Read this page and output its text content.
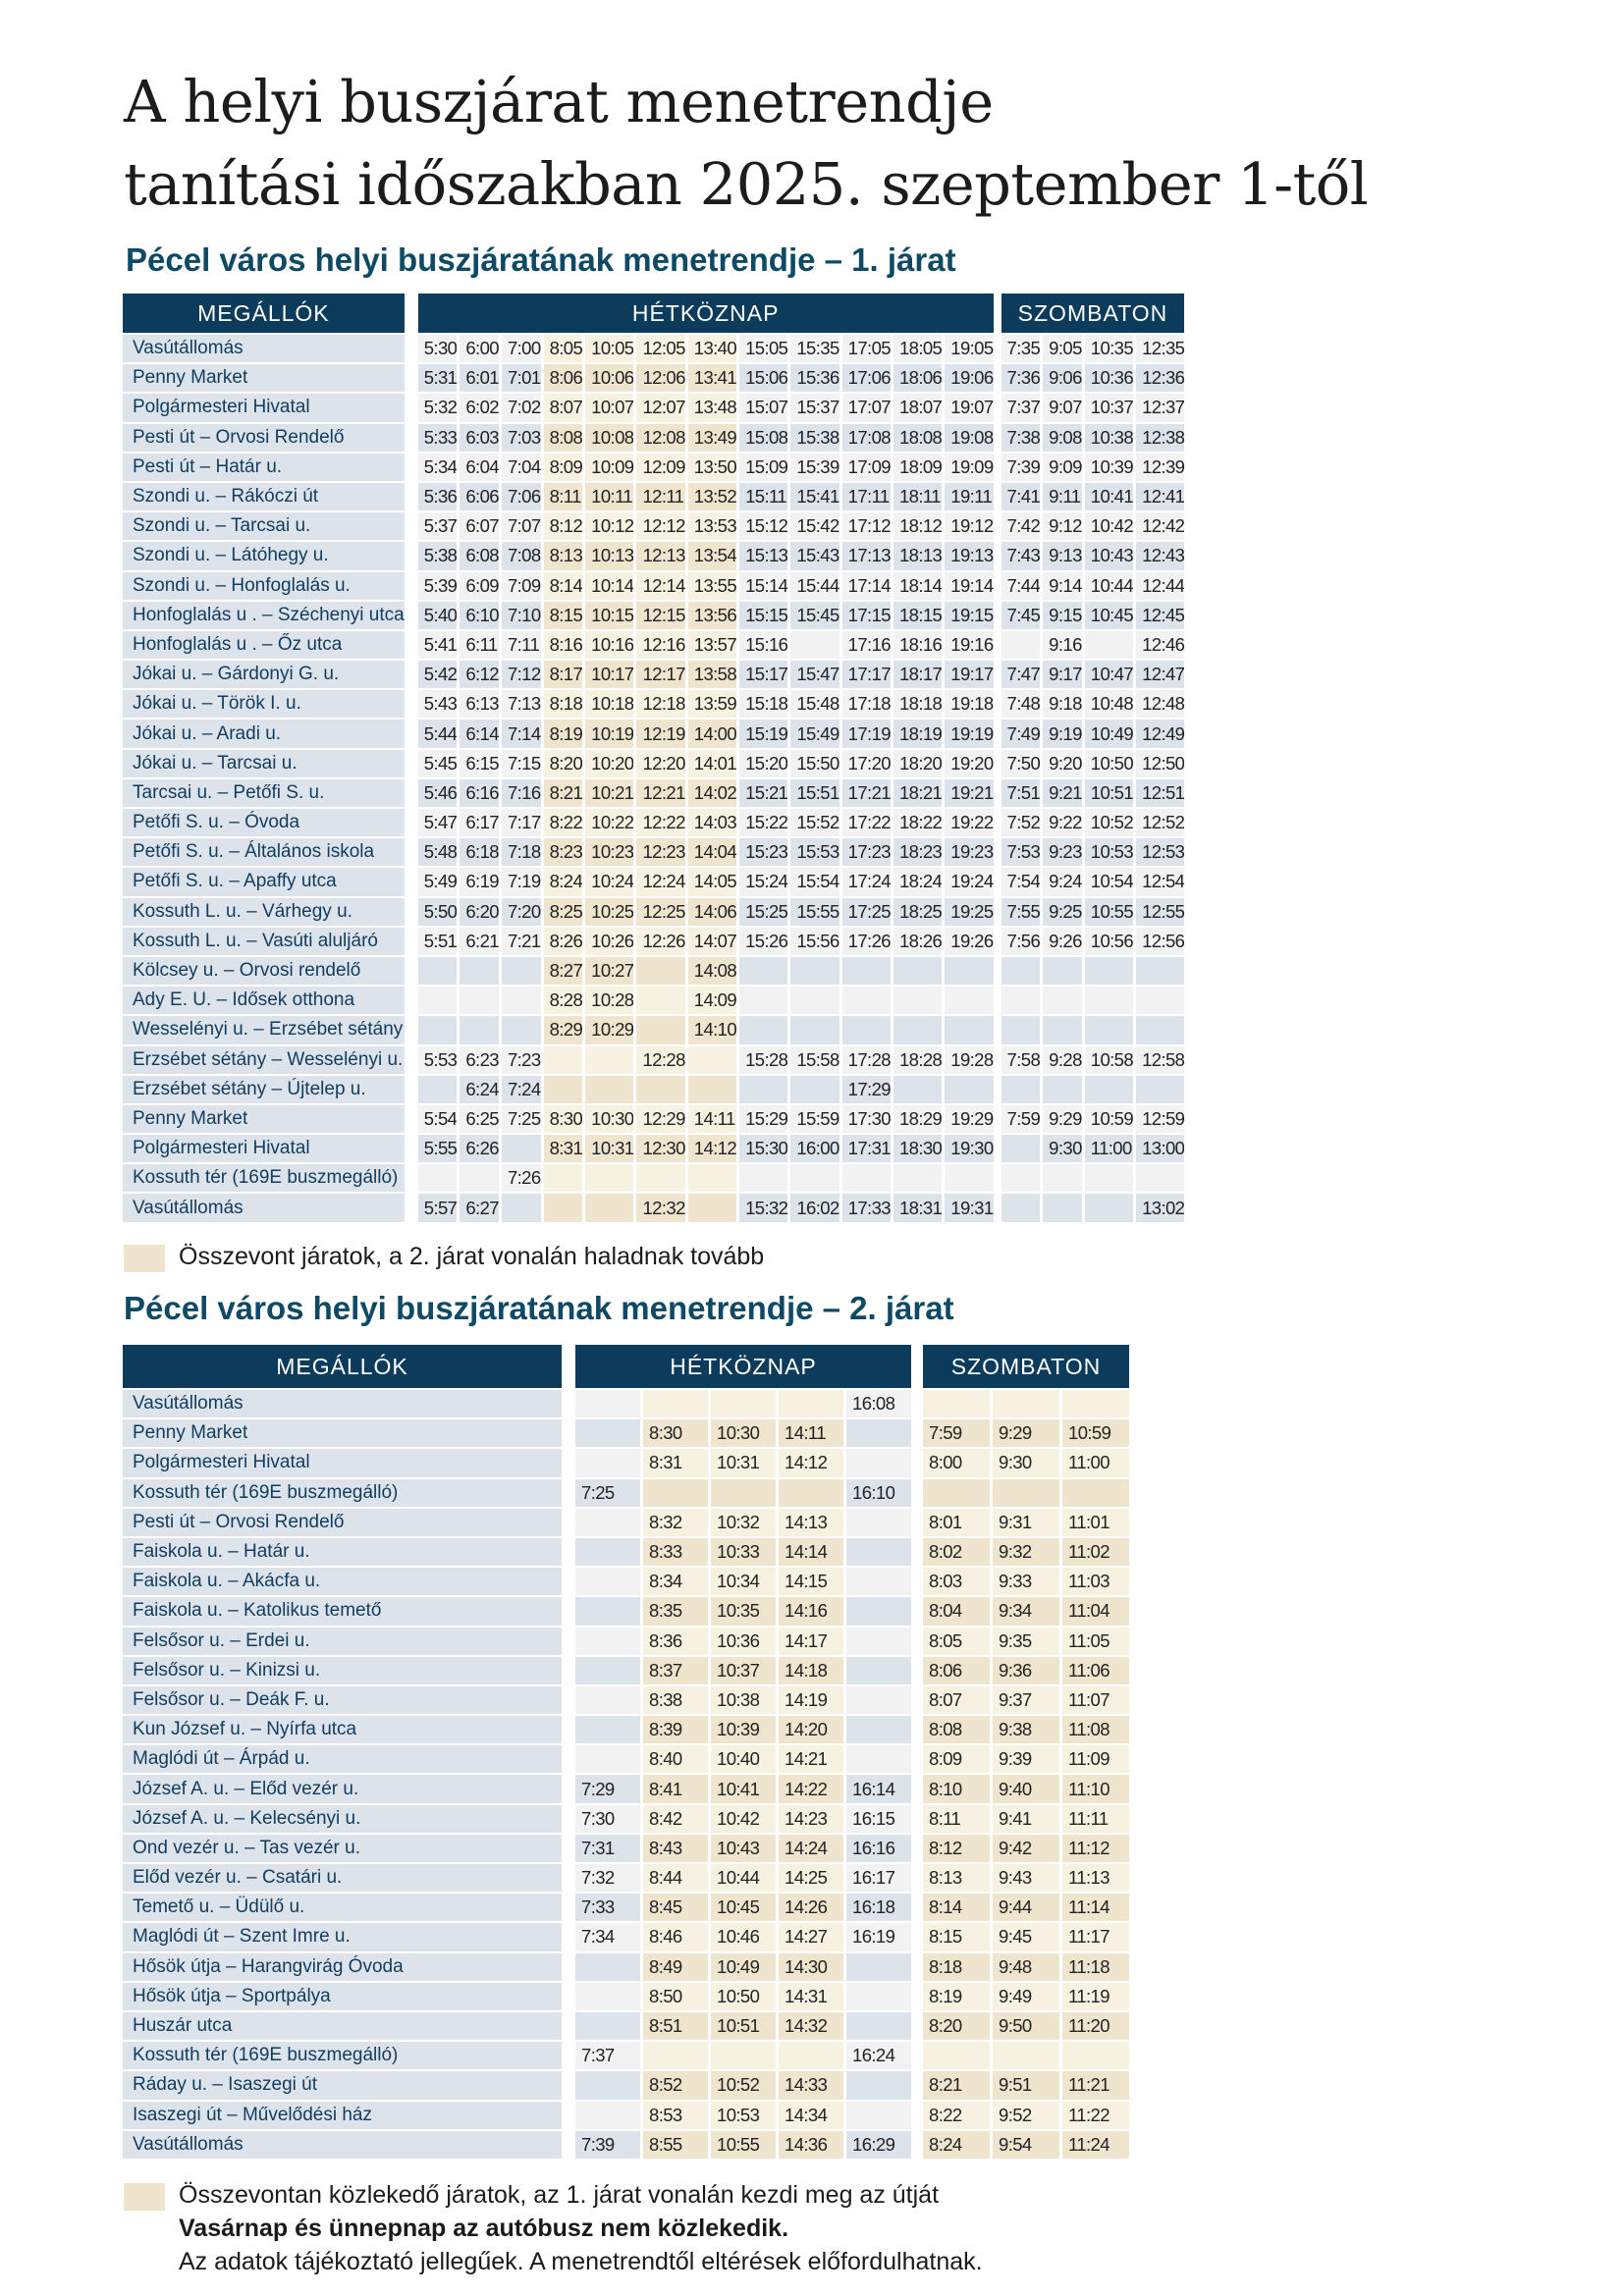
A helyi buszjárat menetrendje
tanítási időszakban 2025. szeptember 1-től
Pécel város helyi buszjáratának menetrendje – 1. járat
MEGÁLLÓK		HÉTKÖZNAP													SZOMBATON			
Vasútállomás		5:30	6:00	7:00	8:05	10:05	12:05	13:40	15:05	15:35	17:05	18:05	19:05		7:35	9:05	10:35	12:35
Penny Market		5:31	6:01	7:01	8:06	10:06	12:06	13:41	15:06	15:36	17:06	18:06	19:06		7:36	9:06	10:36	12:36
Polgármesteri Hivatal		5:32	6:02	7:02	8:07	10:07	12:07	13:48	15:07	15:37	17:07	18:07	19:07		7:37	9:07	10:37	12:37
Pesti út – Orvosi Rendelő		5:33	6:03	7:03	8:08	10:08	12:08	13:49	15:08	15:38	17:08	18:08	19:08		7:38	9:08	10:38	12:38
Pesti út – Határ u.		5:34	6:04	7:04	8:09	10:09	12:09	13:50	15:09	15:39	17:09	18:09	19:09		7:39	9:09	10:39	12:39
Szondi u. – Rákóczi út		5:36	6:06	7:06	8:11	10:11	12:11	13:52	15:11	15:41	17:11	18:11	19:11		7:41	9:11	10:41	12:41
Szondi u. – Tarcsai u.		5:37	6:07	7:07	8:12	10:12	12:12	13:53	15:12	15:42	17:12	18:12	19:12		7:42	9:12	10:42	12:42
Szondi u. – Látóhegy u.		5:38	6:08	7:08	8:13	10:13	12:13	13:54	15:13	15:43	17:13	18:13	19:13		7:43	9:13	10:43	12:43
Szondi u. – Honfoglalás u.		5:39	6:09	7:09	8:14	10:14	12:14	13:55	15:14	15:44	17:14	18:14	19:14		7:44	9:14	10:44	12:44
Honfoglalás u . – Széchenyi utca		5:40	6:10	7:10	8:15	10:15	12:15	13:56	15:15	15:45	17:15	18:15	19:15		7:45	9:15	10:45	12:45
Honfoglalás u . – Őz utca		5:41	6:11	7:11	8:16	10:16	12:16	13:57	15:16		17:16	18:16	19:16			9:16		12:46
Jókai u. – Gárdonyi G. u.		5:42	6:12	7:12	8:17	10:17	12:17	13:58	15:17	15:47	17:17	18:17	19:17		7:47	9:17	10:47	12:47
Jókai u. – Török I. u.		5:43	6:13	7:13	8:18	10:18	12:18	13:59	15:18	15:48	17:18	18:18	19:18		7:48	9:18	10:48	12:48
Jókai u. – Aradi u.		5:44	6:14	7:14	8:19	10:19	12:19	14:00	15:19	15:49	17:19	18:19	19:19		7:49	9:19	10:49	12:49
Jókai u. – Tarcsai u.		5:45	6:15	7:15	8:20	10:20	12:20	14:01	15:20	15:50	17:20	18:20	19:20		7:50	9:20	10:50	12:50
Tarcsai u. – Petőfi S. u.		5:46	6:16	7:16	8:21	10:21	12:21	14:02	15:21	15:51	17:21	18:21	19:21		7:51	9:21	10:51	12:51
Petőfi S. u. – Óvoda		5:47	6:17	7:17	8:22	10:22	12:22	14:03	15:22	15:52	17:22	18:22	19:22		7:52	9:22	10:52	12:52
Petőfi S. u. – Általános iskola		5:48	6:18	7:18	8:23	10:23	12:23	14:04	15:23	15:53	17:23	18:23	19:23		7:53	9:23	10:53	12:53
Petőfi S. u. – Apaffy utca		5:49	6:19	7:19	8:24	10:24	12:24	14:05	15:24	15:54	17:24	18:24	19:24		7:54	9:24	10:54	12:54
Kossuth L. u. – Várhegy u.		5:50	6:20	7:20	8:25	10:25	12:25	14:06	15:25	15:55	17:25	18:25	19:25		7:55	9:25	10:55	12:55
Kossuth L. u. – Vasúti aluljáró		5:51	6:21	7:21	8:26	10:26	12:26	14:07	15:26	15:56	17:26	18:26	19:26		7:56	9:26	10:56	12:56
Kölcsey u. – Orvosi rendelő					8:27	10:27		14:08										
Ady E. U. – Idősek otthona					8:28	10:28		14:09										
Wesselényi u. – Erzsébet sétány					8:29	10:29		14:10										
Erzsébet sétány – Wesselényi u.		5:53	6:23	7:23			12:28		15:28	15:58	17:28	18:28	19:28		7:58	9:28	10:58	12:58
Erzsébet sétány – Újtelep u.			6:24	7:24							17:29							
Penny Market		5:54	6:25	7:25	8:30	10:30	12:29	14:11	15:29	15:59	17:30	18:29	19:29		7:59	9:29	10:59	12:59
Polgármesteri Hivatal		5:55	6:26		8:31	10:31	12:30	14:12	15:30	16:00	17:31	18:30	19:30			9:30	11:00	13:00
Kossuth tér (169E buszmegálló)				7:26														
Vasútállomás		5:57	6:27				12:32		15:32	16:02	17:33	18:31	19:31					13:02
Összevont járatok, a 2. járat vonalán haladnak tovább
Pécel város helyi buszjáratának menetrendje – 2. járat
MEGÁLLÓK		HÉTKÖZNAP						SZOMBATON		
Vasútállomás						16:08				
Penny Market			8:30	10:30	14:11			7:59	9:29	10:59
Polgármesteri Hivatal			8:31	10:31	14:12			8:00	9:30	11:00
Kossuth tér (169E buszmegálló)		7:25				16:10				
Pesti út – Orvosi Rendelő			8:32	10:32	14:13			8:01	9:31	11:01
Faiskola u. – Határ u.			8:33	10:33	14:14			8:02	9:32	11:02
Faiskola u. – Akácfa u.			8:34	10:34	14:15			8:03	9:33	11:03
Faiskola u. – Katolikus temető			8:35	10:35	14:16			8:04	9:34	11:04
Felsősor u. – Erdei u.			8:36	10:36	14:17			8:05	9:35	11:05
Felsősor u. – Kinizsi u.			8:37	10:37	14:18			8:06	9:36	11:06
Felsősor u. – Deák F. u.			8:38	10:38	14:19			8:07	9:37	11:07
Kun József u. – Nyírfa utca			8:39	10:39	14:20			8:08	9:38	11:08
Maglódi út – Árpád u.			8:40	10:40	14:21			8:09	9:39	11:09
József A. u. – Előd vezér u.		7:29	8:41	10:41	14:22	16:14		8:10	9:40	11:10
József A. u. – Kelecsényi u.		7:30	8:42	10:42	14:23	16:15		8:11	9:41	11:11
Ond vezér u. – Tas vezér u.		7:31	8:43	10:43	14:24	16:16		8:12	9:42	11:12
Előd vezér u. – Csatári u.		7:32	8:44	10:44	14:25	16:17		8:13	9:43	11:13
Temető u. – Üdülő u.		7:33	8:45	10:45	14:26	16:18		8:14	9:44	11:14
Maglódi út – Szent Imre u.		7:34	8:46	10:46	14:27	16:19		8:15	9:45	11:17
Hősök útja – Harangvirág Óvoda			8:49	10:49	14:30			8:18	9:48	11:18
Hősök útja – Sportpálya			8:50	10:50	14:31			8:19	9:49	11:19
Huszár utca			8:51	10:51	14:32			8:20	9:50	11:20
Kossuth tér (169E buszmegálló)		7:37				16:24				
Ráday u. – Isaszegi út			8:52	10:52	14:33			8:21	9:51	11:21
Isaszegi út – Művelődési ház			8:53	10:53	14:34			8:22	9:52	11:22
Vasútállomás		7:39	8:55	10:55	14:36	16:29		8:24	9:54	11:24
Összevontan közlekedő járatok, az 1. járat vonalán kezdi meg az útját
Vasárnap és ünnepnap az autóbusz nem közlekedik.
Az adatok tájékoztató jellegűek. A menetrendtől eltérések előfordulhatnak.
